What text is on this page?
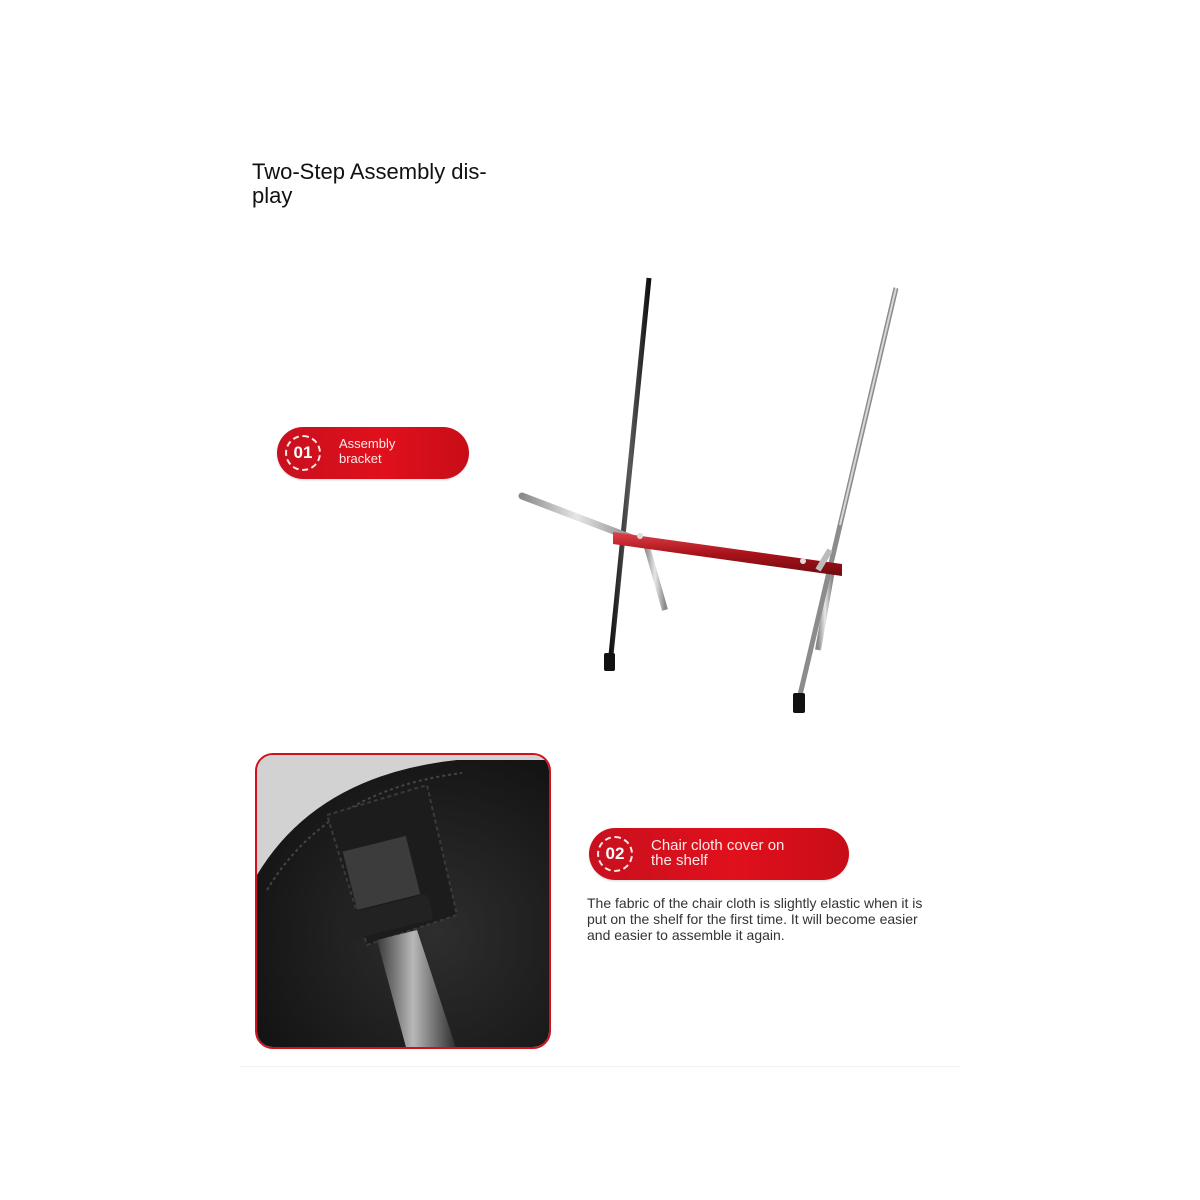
Two-Step Assembly dis-
play
01 Assembly
bracket
02 Chair cloth cover on
the shelf
The fabric of the chair cloth is slightly elastic when it is put on the shelf for the first time. It will become easier and easier to assemble it again.
